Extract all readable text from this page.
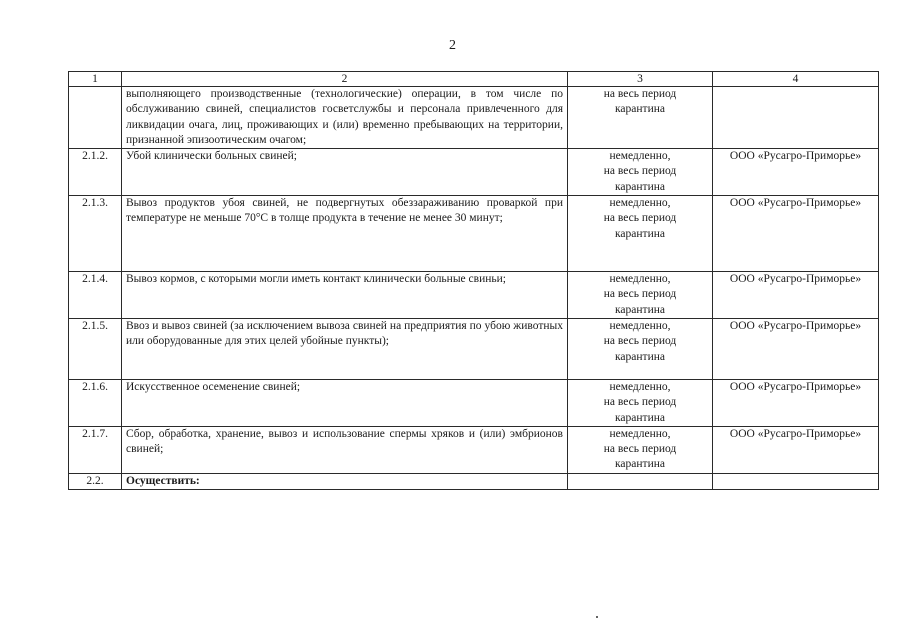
2
1	2	3	4
	выполняющего производственные (технологические) операции, в том числе по обслуживанию свиней, специалистов госветслужбы и персонала привлеченного для ликвидации очага, лиц, проживающих и (или) временно пребывающих на территории, признанной эпизоотическим очагом;	на весь период
карантина	

2.1.2.	Убой клинически больных свиней;	немедленно,
на весь период
карантина	ООО «Русагро-Приморье»
2.1.3.	Вывоз продуктов убоя свиней, не подвергнутых обеззараживанию проваркой при температуре не меньше 70°C в толще продукта в течение не менее 30 минут;	немедленно,
на весь период
карантина	ООО «Русагро-Приморье»
2.1.4.	Вывоз кормов, с которыми могли иметь контакт клинически больные свиньи;	немедленно,
на весь период
карантина	ООО «Русагро-Приморье»
2.1.5.	Ввоз и вывоз свиней (за исключением вывоза свиней на предприятия по убою животных или оборудованные для этих целей убойные пункты);	немедленно,
на весь период
карантина	ООО «Русагро-Приморье»
2.1.6.	Искусственное осеменение свиней;	немедленно,
на весь период
карантина	ООО «Русагро-Приморье»
2.1.7.	Сбор, обработка, хранение, вывоз и использование спермы хряков и (или) эмбрионов свиней;	немедленно,
на весь период
карантина	ООО «Русагро-Приморье»
2.2.	Осуществить:		
